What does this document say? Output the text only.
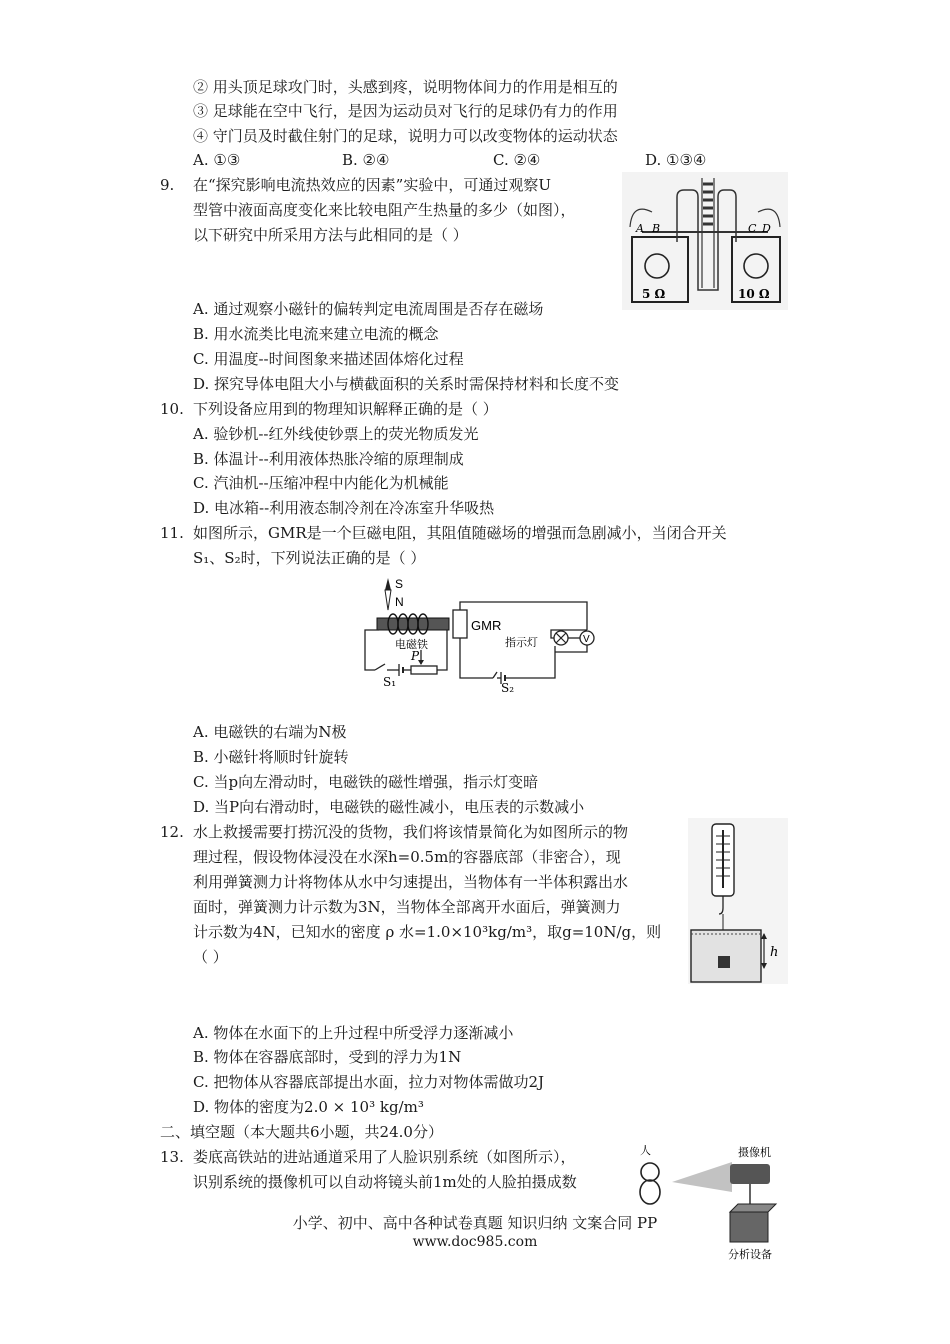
② 用头顶足球攻门时，头感到疼，说明物体间力的作用是相互的
③ 足球能在空中飞行，是因为运动员对飞行的足球仍有力的作用
④ 守门员及时截住射门的足球，说明力可以改变物体的运动状态
A. ①③	B. ②④	C. ②④	D. ①③④
9. 在“探究影响电流热效应的因素”实验中，可通过观察U
型管中液面高度变化来比较电阻产生热量的多少（如图），
以下研究中所采用方法与此相同的是（ ）	A B	C D
5 Ω	10 Ω
A. 通过观察小磁针的偏转判定电流周围是否存在磁场
B. 用水流类比电流来建立电流的概念
C. 用温度--时间图象来描述固体熔化过程
D. 探究导体电阻大小与横截面积的关系时需保持材料和长度不变
10. 下列设备应用到的物理知识解释正确的是（ ）
A. 验钞机--红外线使钞票上的荧光物质发光
B. 体温计--利用液体热胀冷缩的原理制成
C. 汽油机--压缩冲程中内能化为机械能
D. 电冰箱--利用液态制冷剂在冷冻室升华吸热
11. 如图所示，GMR是一个巨磁电阻，其阻值随磁场的增强而急剧减小，当闭合开关
S₁、S₂时，下列说法正确的是（ ）
S
N
电磁铁
P
S₁
GMR
S₂
指示灯	V
A. 电磁铁的右端为N极
B. 小磁针将顺时针旋转
C. 当p向左滑动时，电磁铁的磁性增强，指示灯变暗
D. 当P向右滑动时，电磁铁的磁性减小，电压表的示数减小
12. 水上救援需要打捞沉没的货物，我们将该情景简化为如图所示的物
理过程，假设物体浸没在水深h=0.5m的容器底部（非密合），现
利用弹簧测力计将物体从水中匀速提出，当物体有一半体积露出水
面时，弹簧测力计示数为3N，当物体全部离开水面后，弹簧测力
计示数为4N，已知水的密度 ρ 水=1.0×10³kg/m³，取g=10N/g，则
（ ）	h
A. 物体在水面下的上升过程中所受浮力逐渐减小
B. 物体在容器底部时，受到的浮力为1N
C. 把物体从容器底部提出水面，拉力对物体需做功2J
D. 物体的密度为2.0 × 10³ kg/m³
二、填空题（本大题共6小题，共24.0分）
13. 娄底高铁站的进站通道采用了人脸识别系统（如图所示），
识别系统的摄像机可以自动将镜头前1m处的人脸拍摄成数
人	摄像机
分析设备
小学、初中、高中各种试卷真题 知识归纳 文案合同 PP
www.doc985.com
